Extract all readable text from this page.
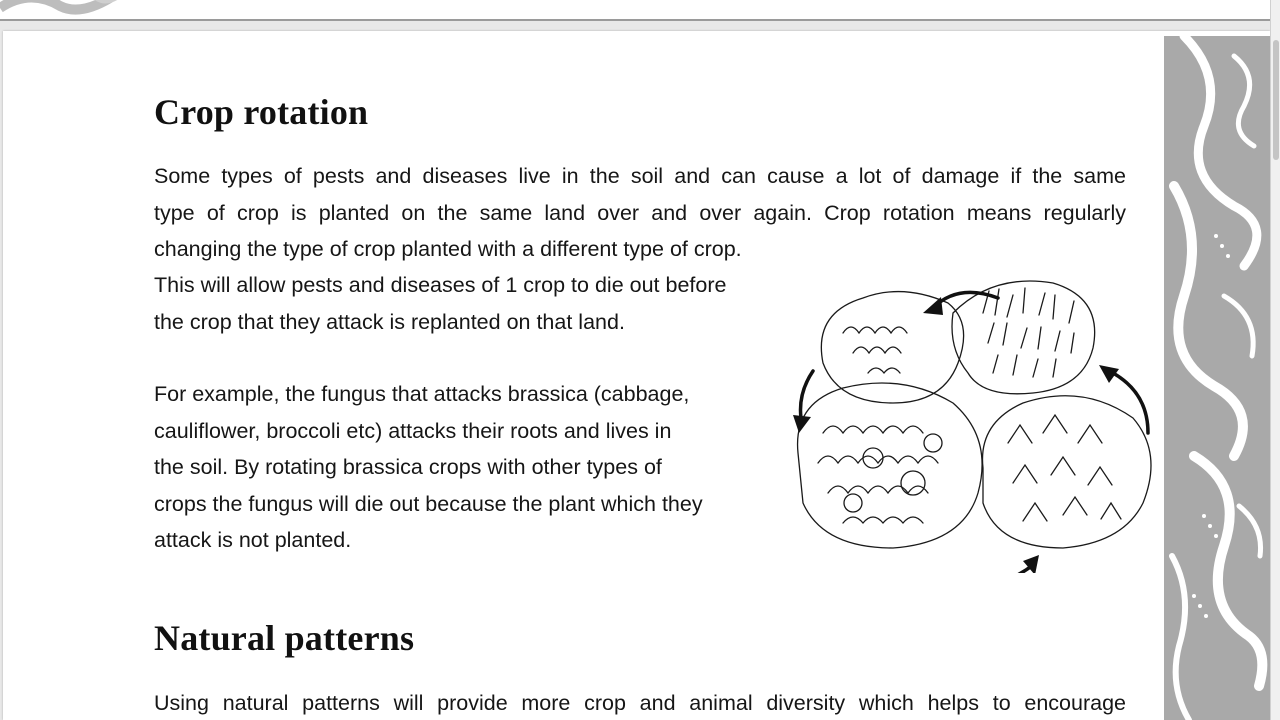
Crop rotation

Some types of pests and diseases live in the soil and can cause a lot of damage if the same
type of crop is planted on the same land over and over again. Crop rotation means regularly
changing the type of crop planted with a different type of crop.

This will allow pests and diseases of 1 crop to die out before
the crop that they attack is replanted on that land.

For example, the fungus that attacks brassica (cabbage,
cauliflower, broccoli etc) attacks their roots and lives in
the soil. By rotating brassica crops with other types of
crops the fungus will die out because the plant which they
attack is not planted.

Natural patterns

Using natural patterns will provide more crop and animal diversity which helps to encourage
